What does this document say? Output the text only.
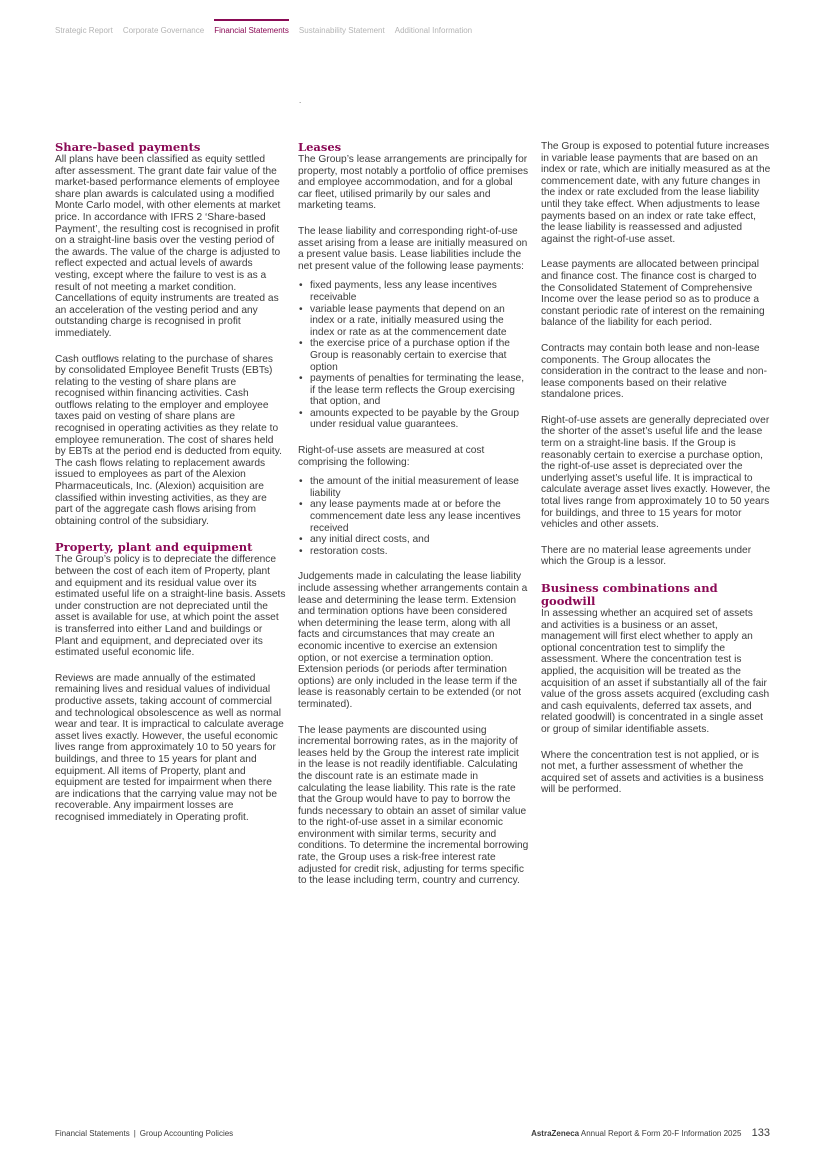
Strategic Report Corporate Governance Financial Statements Sustainability Statement Additional Information
.
Share-based payments

All plans have been classified as equity settled after assessment. The grant date fair value of the market-based performance elements of employee share plan awards is calculated using a modified Monte Carlo model, with other elements at market price. In accordance with IFRS 2 ‘Share-based Payment’, the resulting cost is recognised in profit on a straight-line basis over the vesting period of the awards. The value of the charge is adjusted to reflect expected and actual levels of awards vesting, except where the failure to vest is as a result of not meeting a market condition. Cancellations of equity instruments are treated as an acceleration of the vesting period and any outstanding charge is recognised in profit immediately.

Cash outflows relating to the purchase of shares by consolidated Employee Benefit Trusts (EBTs) relating to the vesting of share plans are recognised within financing activities. Cash outflows relating to the employer and employee taxes paid on vesting of share plans are recognised in operating activities as they relate to employee remuneration. The cost of shares held by EBTs at the period end is deducted from equity. The cash flows relating to replacement awards issued to employees as part of the Alexion Pharmaceuticals, Inc. (Alexion) acquisition are classified within investing activities, as they are part of the aggregate cash flows arising from obtaining control of the subsidiary.

Property, plant and equipment

The Group’s policy is to depreciate the difference between the cost of each item of Property, plant and equipment and its residual value over its estimated useful life on a straight-line basis. Assets under construction are not depreciated until the asset is available for use, at which point the asset is transferred into either Land and buildings or Plant and equipment, and depreciated over its estimated useful economic life.

Reviews are made annually of the estimated remaining lives and residual values of individual productive assets, taking account of commercial and technological obsolescence as well as normal wear and tear. It is impractical to calculate average asset lives exactly. However, the useful economic lives range from approximately 10 to 50 years for buildings, and three to 15 years for plant and equipment. All items of Property, plant and equipment are tested for impairment when there are indications that the carrying value may not be recoverable. Any impairment losses are recognised immediately in Operating profit.

Leases

The Group’s lease arrangements are principally for property, most notably a portfolio of office premises and employee accommodation, and for a global car fleet, utilised primarily by our sales and marketing teams.

The lease liability and corresponding right-of-use asset arising from a lease are initially measured on a present value basis. Lease liabilities include the net present value of the following lease payments:

• fixed payments, less any lease incentives receivable
• variable lease payments that depend on an index or a rate, initially measured using the index or rate as at the commencement date
• the exercise price of a purchase option if the Group is reasonably certain to exercise that option
• payments of penalties for terminating the lease, if the lease term reflects the Group exercising that option, and
• amounts expected to be payable by the Group under residual value guarantees.

Right-of-use assets are measured at cost comprising the following:

• the amount of the initial measurement of lease liability
• any lease payments made at or before the commencement date less any lease incentives received
• any initial direct costs, and
• restoration costs.

Judgements made in calculating the lease liability include assessing whether arrangements contain a lease and determining the lease term. Extension and termination options have been considered when determining the lease term, along with all facts and circumstances that may create an economic incentive to exercise an extension option, or not exercise a termination option. Extension periods (or periods after termination options) are only included in the lease term if the lease is reasonably certain to be extended (or not terminated).

The lease payments are discounted using incremental borrowing rates, as in the majority of leases held by the Group the interest rate implicit in the lease is not readily identifiable. Calculating the discount rate is an estimate made in calculating the lease liability. This rate is the rate that the Group would have to pay to borrow the funds necessary to obtain an asset of similar value to the right-of-use asset in a similar economic environment with similar terms, security and conditions. To determine the incremental borrowing rate, the Group uses a risk-free interest rate adjusted for credit risk, adjusting for terms specific to the lease including term, country and currency.

The Group is exposed to potential future increases in variable lease payments that are based on an index or rate, which are initially measured as at the commencement date, with any future changes in the index or rate excluded from the lease liability until they take effect. When adjustments to lease payments based on an index or rate take effect, the lease liability is reassessed and adjusted against the right-of-use asset.

Lease payments are allocated between principal and finance cost. The finance cost is charged to the Consolidated Statement of Comprehensive Income over the lease period so as to produce a constant periodic rate of interest on the remaining balance of the liability for each period.

Contracts may contain both lease and non-lease components. The Group allocates the consideration in the contract to the lease and non-lease components based on their relative standalone prices.

Right-of-use assets are generally depreciated over the shorter of the asset’s useful life and the lease term on a straight-line basis. If the Group is reasonably certain to exercise a purchase option, the right-of-use asset is depreciated over the underlying asset’s useful life. It is impractical to calculate average asset lives exactly. However, the total lives range from approximately 10 to 50 years for buildings, and three to 15 years for motor vehicles and other assets.

There are no material lease agreements under which the Group is a lessor.

Business combinations and goodwill

In assessing whether an acquired set of assets and activities is a business or an asset, management will first elect whether to apply an optional concentration test to simplify the assessment. Where the concentration test is applied, the acquisition will be treated as the acquisition of an asset if substantially all of the fair value of the gross assets acquired (excluding cash and cash equivalents, deferred tax assets, and related goodwill) is concentrated in a single asset or group of similar identifiable assets.

Where the concentration test is not applied, or is not met, a further assessment of whether the acquired set of assets and activities is a business will be performed.

Financial Statements | Group Accounting Policies	AstraZeneca Annual Report & Form 20-F Information 2025 133
